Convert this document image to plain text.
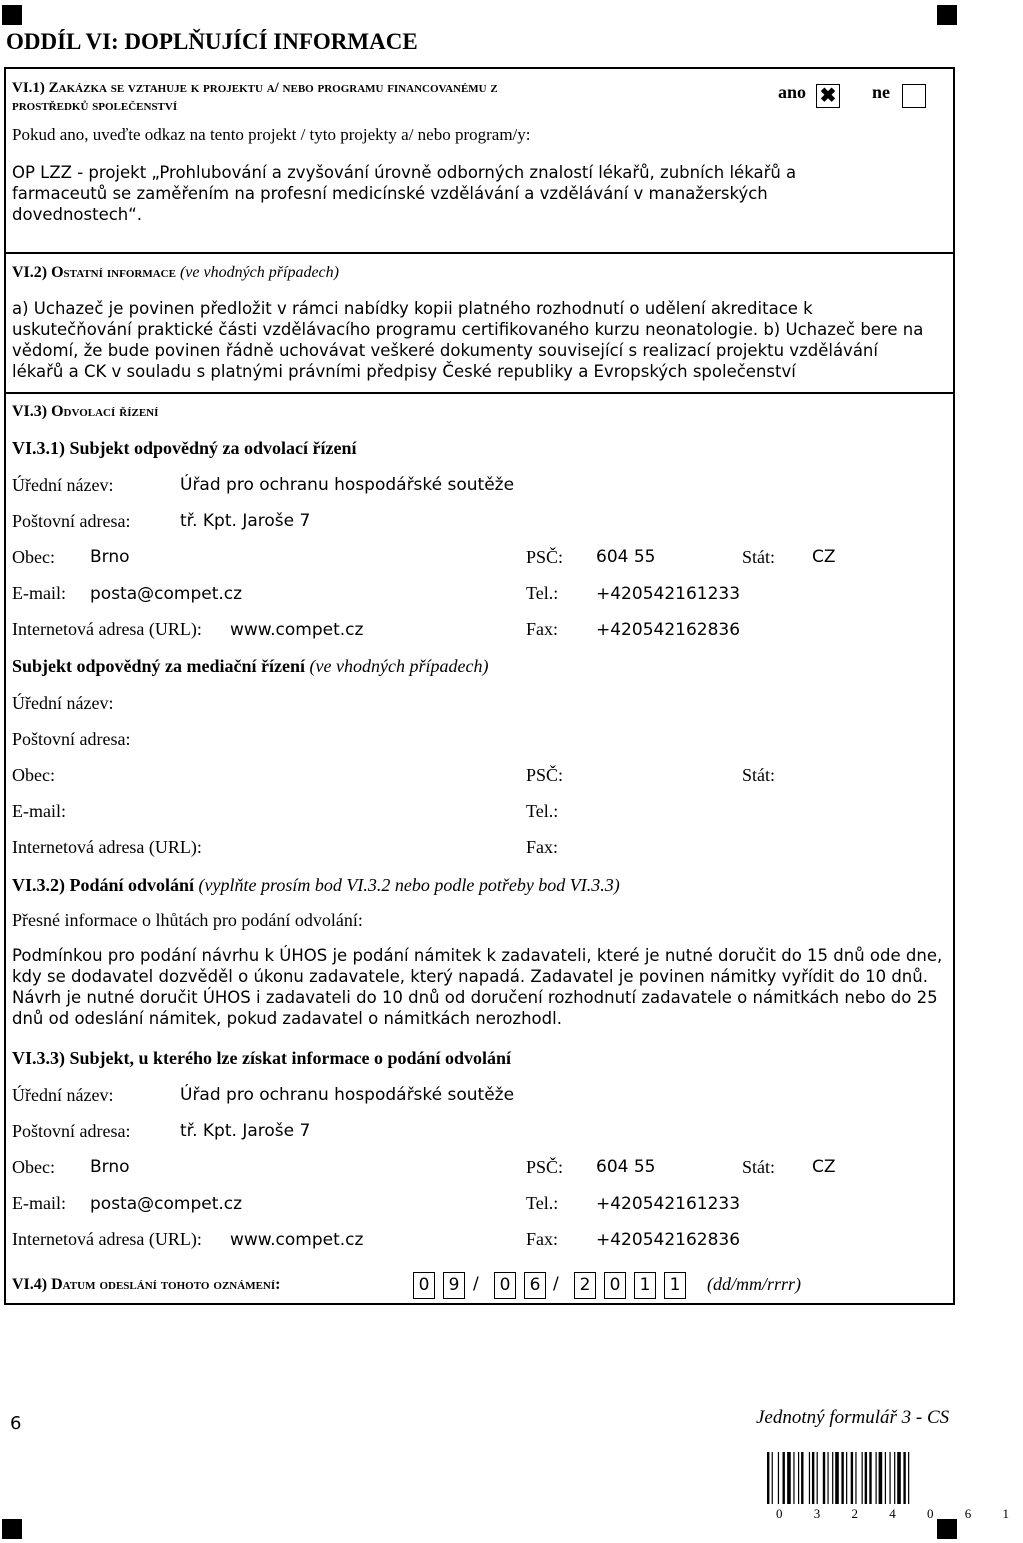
ODDÍL VI: DOPLŇUJÍCÍ INFORMACE
VI.1) Zakázka se vztahuje k projektu a/ nebo programu financovanému z
prostředků společenství
ano ✖ ne
Pokud ano, uveďte odkaz na tento projekt / tyto projekty a/ nebo program/y:
OP LZZ - projekt „Prohlubování a zvyšování úrovně odborných znalostí lékařů, zubních lékařů a farmaceutů se zaměřením na profesní medicínské vzdělávání a vzdělávání v manažerských dovednostech“.
VI.2) Ostatní informace (ve vhodných případech)
a) Uchazeč je povinen předložit v rámci nabídky kopii platného rozhodnutí o udělení akreditace k uskutečňování praktické části vzdělávacího programu certifikovaného kurzu neonatologie. b) Uchazeč bere na vědomí, že bude povinen řádně uchovávat veškeré dokumenty související s realizací projektu vzdělávání lékařů a CK v souladu s platnými právními předpisy České republiky a Evropských společenství
VI.3) Odvolací řízení
VI.3.1) Subjekt odpovědný za odvolací řízení
Úřední název:	Úřad pro ochranu hospodářské soutěže
Poštovní adresa:	tř. Kpt. Jaroše 7
Obec: Brno	PSČ: 604 55	Stát: CZ
E-mail: posta@compet.cz	Tel.: +420542161233
Internetová adresa (URL): www.compet.cz	Fax: +420542162836
Subjekt odpovědný za mediační řízení (ve vhodných případech)
Úřední název:
Poštovní adresa:
Obec:	PSČ:	Stát:
E-mail:	Tel.:
Internetová adresa (URL):	Fax:
VI.3.2) Podání odvolání (vyplňte prosím bod VI.3.2 nebo podle potřeby bod VI.3.3)
Přesné informace o lhůtách pro podání odvolání:
Podmínkou pro podání návrhu k ÚHOS je podání námitek k zadavateli, které je nutné doručit do 15 dnů ode dne, kdy se dodavatel dozvěděl o úkonu zadavatele, který napadá. Zadavatel je povinen námitky vyřídit do 10 dnů. Návrh je nutné doručit ÚHOS i zadavateli do 10 dnů od doručení rozhodnutí zadavatele o námitkách nebo do 25 dnů od odeslání námitek, pokud zadavatel o námitkách nerozhodl.
VI.3.3) Subjekt, u kterého lze získat informace o podání odvolání
Úřední název:	Úřad pro ochranu hospodářské soutěže
Poštovní adresa:	tř. Kpt. Jaroše 7
Obec: Brno	PSČ: 604 55	Stát: CZ
E-mail: posta@compet.cz	Tel.: +420542161233
Internetová adresa (URL): www.compet.cz	Fax: +420542162836
VI.4) Datum odeslání tohoto oznámení:	0	9 /	0	6 /	2	0	1	1	(dd/mm/rrrr)
6	Jednotný formulář 3 - CS
0 3 2 4 0 6 1
